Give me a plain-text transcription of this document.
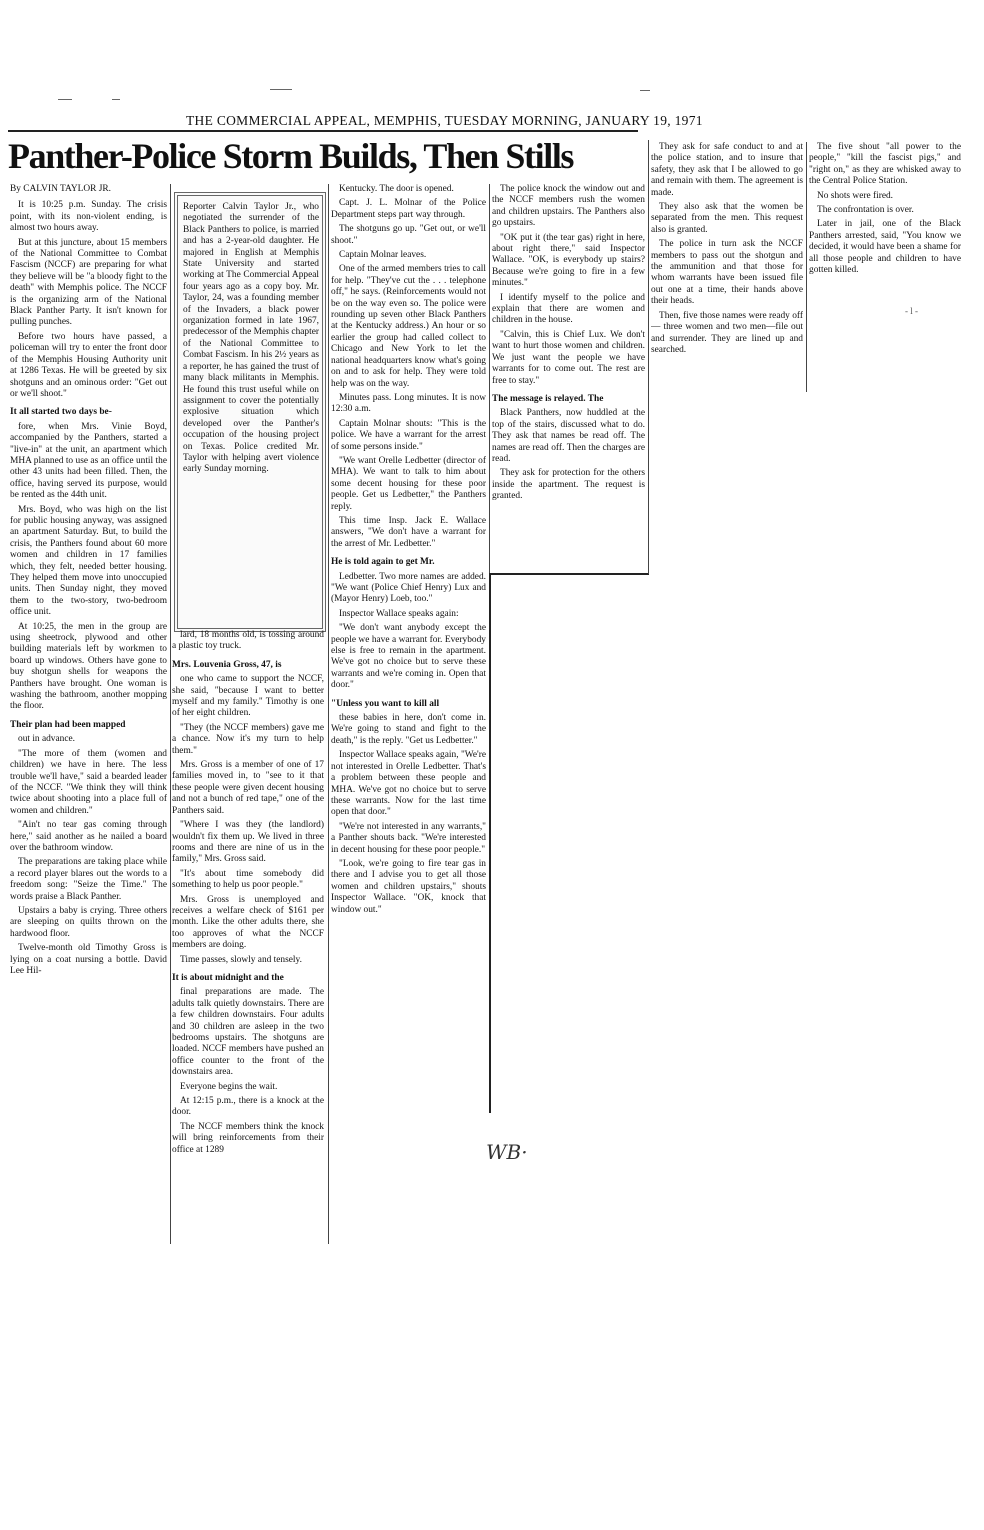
THE COMMERCIAL APPEAL, MEMPHIS, TUESDAY MORNING, JANUARY 19, 1971
Panther-Police Storm Builds, Then Stills

By CALVIN TAYLOR JR.

It is 10:25 p.m. Sunday. The crisis point, with its non-violent ending, is almost two hours away.

But at this juncture, about 15 members of the National Committee to Combat Fascism (NCCF) are preparing for what they believe will be "a bloody fight to the death" with Memphis police. The NCCF is the organizing arm of the National Black Panther Party. It isn't known for pulling punches.

Before two hours have passed, a policeman will try to enter the front door of the Memphis Housing Authority unit at 1286 Texas. He will be greeted by six shotguns and an ominous order: "Get out or we'll shoot."

It all started two days be-

fore, when Mrs. Vinie Boyd, accompanied by the Panthers, started a "live-in" at the unit, an apartment which MHA planned to use as an office until the other 43 units had been filled. Then, the office, having served its purpose, would be rented as the 44th unit.

Mrs. Boyd, who was high on the list for public housing anyway, was assigned an apartment Saturday. But, to build the crisis, the Panthers found about 60 more women and children in 17 families which, they felt, needed better housing. They helped them move into unoccupied units. Then Sunday night, they moved them to the two-story, two-bedroom office unit.

At 10:25, the men in the group are using sheetrock, plywood and other building materials left by workmen to board up windows. Others have gone to buy shotgun shells for weapons the Panthers have brought. One woman is washing the bathroom, another mopping the floor.

Their plan had been mapped

out in advance.

"The more of them (women and children) we have in here. The less trouble we'll have," said a bearded leader of the NCCF. "We think they will think twice about shooting into a place full of women and children."

"Ain't no tear gas coming through here," said another as he nailed a board over the bathroom window.

The preparations are taking place while a record player blares out the words to a freedom song: "Seize the Time." The words praise a Black Panther.

Upstairs a baby is crying. Three others are sleeping on quilts thrown on the hardwood floor.

Twelve-month old Timothy Gross is lying on a coat nursing a bottle. David Lee Hil-

Reporter Calvin Taylor Jr., who negotiated the surrender of the Black Panthers to police, is married and has a 2-year-old daughter. He majored in English at Memphis State University and started working at The Commercial Appeal four years ago as a copy boy. Mr. Taylor, 24, was a founding member of the Invaders, a black power organization formed in late 1967, predecessor of the Memphis chapter of the National Committee to Combat Fascism. In his 2½ years as a reporter, he has gained the trust of many black militants in Memphis. He found this trust useful while on assignment to cover the potentially explosive situation which developed over the Panther's occupation of the housing project on Texas. Police credited Mr. Taylor with helping avert violence early Sunday morning.

lard, 18 months old, is tossing around a plastic toy truck.

Mrs. Louvenia Gross, 47, is

one who came to support the NCCF, she said, "because I want to better myself and my family." Timothy is one of her eight children.

"They (the NCCF members) gave me a chance. Now it's my turn to help them."

Mrs. Gross is a member of one of 17 families moved in, to "see to it that these people were given decent housing and not a bunch of red tape," one of the Panthers said.

"Where I was they (the landlord) wouldn't fix them up. We lived in three rooms and there are nine of us in the family," Mrs. Gross said.

"It's about time somebody did something to help us poor people."

Mrs. Gross is unemployed and receives a welfare check of $161 per month. Like the other adults there, she too approves of what the NCCF members are doing.

Time passes, slowly and tensely.

It is about midnight and the

final preparations are made. The adults talk quietly downstairs. There are a few children downstairs. Four adults and 30 children are asleep in the two bedrooms upstairs. The shotguns are loaded. NCCF members have pushed an office counter to the front of the downstairs area.

Everyone begins the wait.

At 12:15 p.m., there is a knock at the door.

The NCCF members think the knock will bring reinforcements from their office at 1289

Kentucky. The door is opened.

Capt. J. L. Molnar of the Police Department steps part way through.

The shotguns go up. "Get out, or we'll shoot."

Captain Molnar leaves.

One of the armed members tries to call for help. "They've cut the . . . telephone off," he says. (Reinforcements would not be on the way even so. The police were rounding up seven other Black Panthers at the Kentucky address.) An hour or so earlier the group had called collect to Chicago and New York to let the national headquarters know what's going on and to ask for help. They were told help was on the way.

Minutes pass. Long minutes. It is now 12:30 a.m.

Captain Molnar shouts: "This is the police. We have a warrant for the arrest of some persons inside."

"We want Orelle Ledbetter (director of MHA). We want to talk to him about some decent housing for these poor people. Get us Ledbetter," the Panthers reply.

This time Insp. Jack E. Wallace answers, "We don't have a warrant for the arrest of Mr. Ledbetter."

He is told again to get Mr.

Ledbetter. Two more names are added. "We want (Police Chief Henry) Lux and (Mayor Henry) Loeb, too."

Inspector Wallace speaks again:

"We don't want anybody except the people we have a warrant for. Everybody else is free to remain in the apartment. We've got no choice but to serve these warrants and we're coming in. Open that door."

"Unless you want to kill all

these babies in here, don't come in. We're going to stand and fight to the death," is the reply. "Get us Ledbetter."

Inspector Wallace speaks again, "We're not interested in Orelle Ledbetter. That's a problem between these people and MHA. We've got no choice but to serve these warrants. Now for the last time open that door."

"We're not interested in any warrants," a Panther shouts back. "We're interested in decent housing for these poor people."

"Look, we're going to fire tear gas in there and I advise you to get all those women and children upstairs," shouts Inspector Wallace. "OK, knock that window out."

The police knock the window out and the NCCF members rush the women and children upstairs. The Panthers also go upstairs.

"OK put it (the tear gas) right in here, about right there," said Inspector Wallace. "OK, is everybody up stairs? Because we're going to fire in a few minutes."

I identify myself to the police and explain that there are women and children in the house.

"Calvin, this is Chief Lux. We don't want to hurt those women and children. We just want the people we have warrants for to come out. The rest are free to stay."

The message is relayed. The

Black Panthers, now huddled at the top of the stairs, discussed what to do. They ask that names be read off. The names are read off. Then the charges are read.

They ask for protection for the others inside the apartment. The request is granted.

They ask for safe conduct to and at the police station, and to insure that safety, they ask that I be allowed to go and remain with them. The agreement is made.

They also ask that the women be separated from the men. This request also is granted.

The police in turn ask the NCCF members to pass out the shotgun and the ammunition and that those for whom warrants have been issued file out one at a time, their hands above their heads.

Then, five those names were ready off — three women and two men—file out and surrender. They are lined up and searched.

The five shout "all power to the people," "kill the fascist pigs," and "right on," as they are whisked away to the Central Police Station.

No shots were fired.

The confrontation is over.

Later in jail, one of the Black Panthers arrested, said, "You know we decided, it would have been a shame for all those people and children to have gotten killed.

- l -
WB·
